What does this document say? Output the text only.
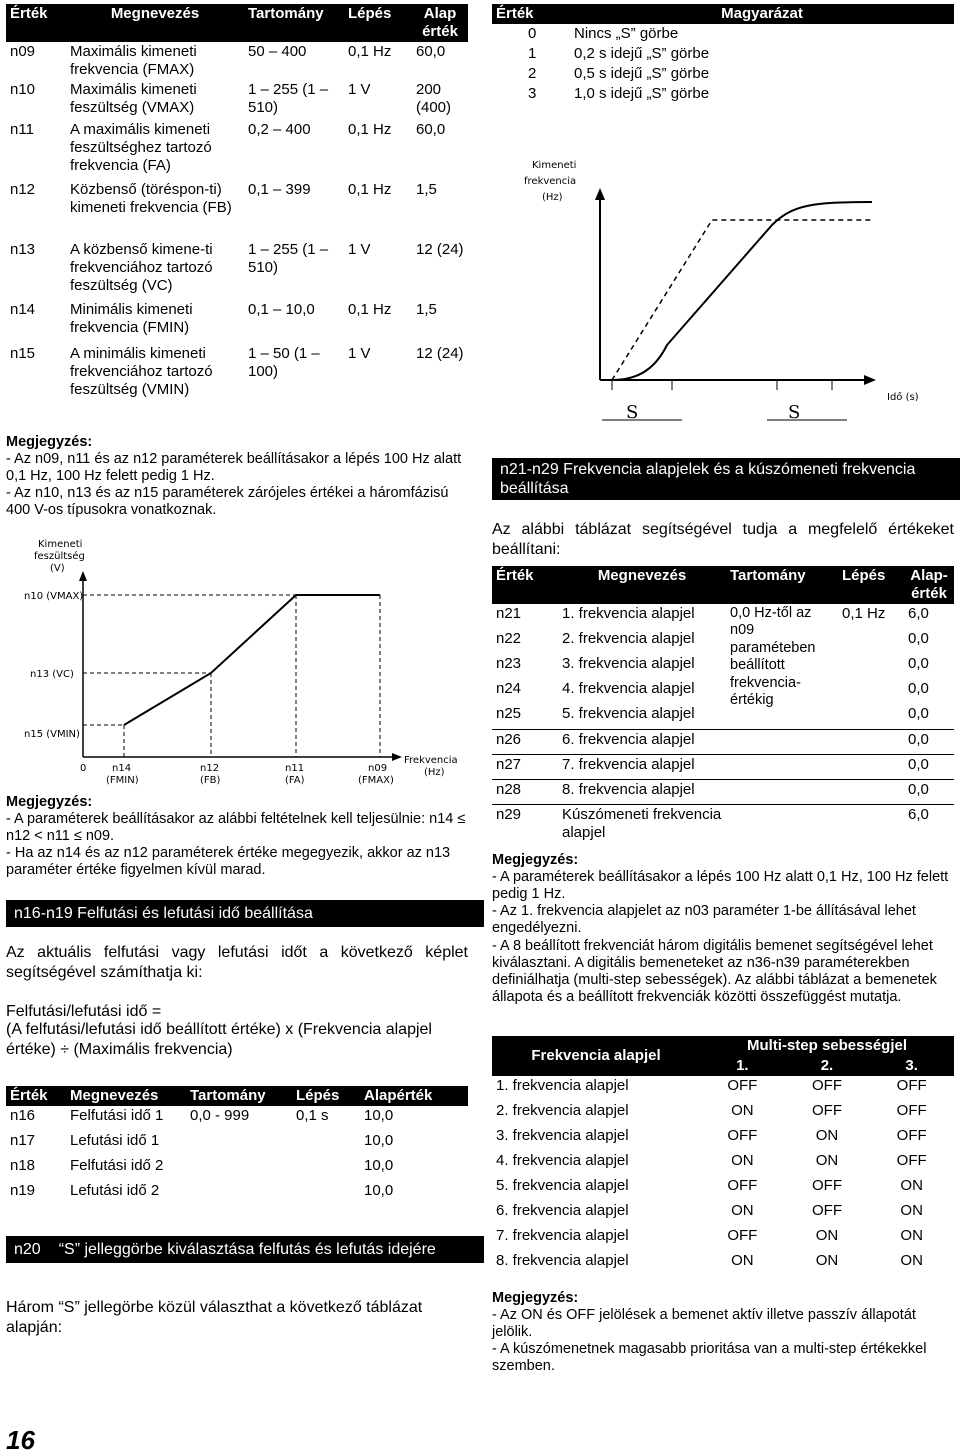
Érték	Megnevezés	Tartomány	Lépés	Alap érték
n09	Maximális kimeneti frekvencia (FMAX)	50 – 400	0,1 Hz	60,0
n10	Maximális kimeneti feszültség (VMAX)	1 – 255 (1 – 510)	1 V	200 (400)
n11	A maximális kimeneti feszültséghez tartozó frekvencia (FA)	0,2 – 400	0,1 Hz	60,0
n12	Közbenső (töréspon-ti) kimeneti frekvencia (FB)	0,1 – 399	0,1 Hz	1,5
n13	A közbenső kimene-ti frekvenciához tartozó feszültség (VC)	1 – 255 (1 – 510)	1 V	12 (24)
n14	Minimális kimeneti frekvencia (FMIN)	0,1 – 10,0	0,1 Hz	1,5
n15	A minimális kimeneti frekvenciához tartozó feszültség (VMIN)	1 – 50 (1 – 100)	1 V	12 (24)

Megjegyzés:

- Az n09, n11 és az n12 paraméterek beállításakor a lépés 100 Hz alatt 0,1 Hz, 100 Hz felett pedig 1 Hz.

- Az n10, n13 és az n15 paraméterek zárójeles értékei a háromfázisú 400 V-os típusokra vonatkoznak.

Kimeneti
feszültség
(V)
n10 (VMAX)
n13 (VC)
n15 (VMIN)
0	n14
(FMIN)
n12
(FB)
n11
(FA)
n09
(FMAX)
Frekvencia
(Hz)

Megjegyzés:

- A paraméterek beállításakor az alábbi feltételnek kell teljesülnie: n14 ≤ n12 < n11 ≤ n09.

- Ha az n14 és az n12 paraméterek értéke megegyezik, akkor az n13 paraméter értéke figyelmen kívül marad.

n16-n19 Felfutási és lefutási idő beállítása
Az aktuális felfutási vagy lefutási időt a következő képlet segítségével számíthatja ki:
Felfutási/lefutási idő =
(A felfutási/lefutási idő beállított értéke) x (Frekvencia alapjel értéke) ÷ (Maximális frekvencia)
Érték	Megnevezés	Tartomány	Lépés	Alapérték
n16	Felfutási idő 1	0,0 - 999	0,1 s	10,0
n17	Lefutási idő 1			10,0
n18	Felfutási idő 2			10,0
n19	Lefutási idő 2			10,0
n20 “S” jelleggörbe kiválasztása felfutás és lefutás idejére
Három “S” jellegörbe közül választhat a következő táblázat alapján:
16
Érték	Magyarázat
0	Nincs „S” görbe
1	0,2 s idejű „S” görbe
2	0,5 s idejű „S” görbe
3	1,0 s idejű „S” görbe
Kimeneti
frekvencia
(Hz)
S	S
Idő (s)
n21-n29 Frekvencia alapjelek és a kúszómeneti frekvencia beállítása
Az alábbi táblázat segítségével tudja a megfelelő értékeket beállítani:
Érték	Megnevezés	Tartomány	Lépés	Alap-érték
n21	1. frekvencia alapjel	0,0 Hz-től az n09 paraméteben beállított frekvencia-értékig	0,1 Hz	6,0
n22	2. frekvencia alapjel			0,0
n23	3. frekvencia alapjel			0,0
n24	4. frekvencia alapjel			0,0
n25	5. frekvencia alapjel			0,0
n26	6. frekvencia alapjel			0,0
n27	7. frekvencia alapjel			0,0
n28	8. frekvencia alapjel			0,0
n29	Kúszómeneti frekvencia alapjel			6,0

Megjegyzés:

- A paraméterek beállításakor a lépés 100 Hz alatt 0,1 Hz, 100 Hz felett pedig 1 Hz.

- Az 1. frekvencia alapjelet az n03 paraméter 1-be állításával lehet engedélyezni.

- A 8 beállított frekvenciát három digitális bemenet segítségével lehet kiválasztani. A digitális bemeneteket az n36-n39 paraméterekben definiálhatja (multi-step sebességek). Az alábbi táblázat a bemenetek állapota és a beállított frekvenciák közötti összefüggést mutatja.

Frekvencia alapjel	Multi-step sebességjel		
	1.	2.	3.
1. frekvencia alapjel	OFF	OFF	OFF
2. frekvencia alapjel	ON	OFF	OFF
3. frekvencia alapjel	OFF	ON	OFF
4. frekvencia alapjel	ON	ON	OFF
5. frekvencia alapjel	OFF	OFF	ON
6. frekvencia alapjel	ON	OFF	ON
7. frekvencia alapjel	OFF	ON	ON
8. frekvencia alapjel	ON	ON	ON

Megjegyzés:

- Az ON és OFF jelölések a bemenet aktív illetve passzív állapotát jelölik.

- A kúszómenetnek magasabb prioritása van a multi-step értékekkel szemben.
